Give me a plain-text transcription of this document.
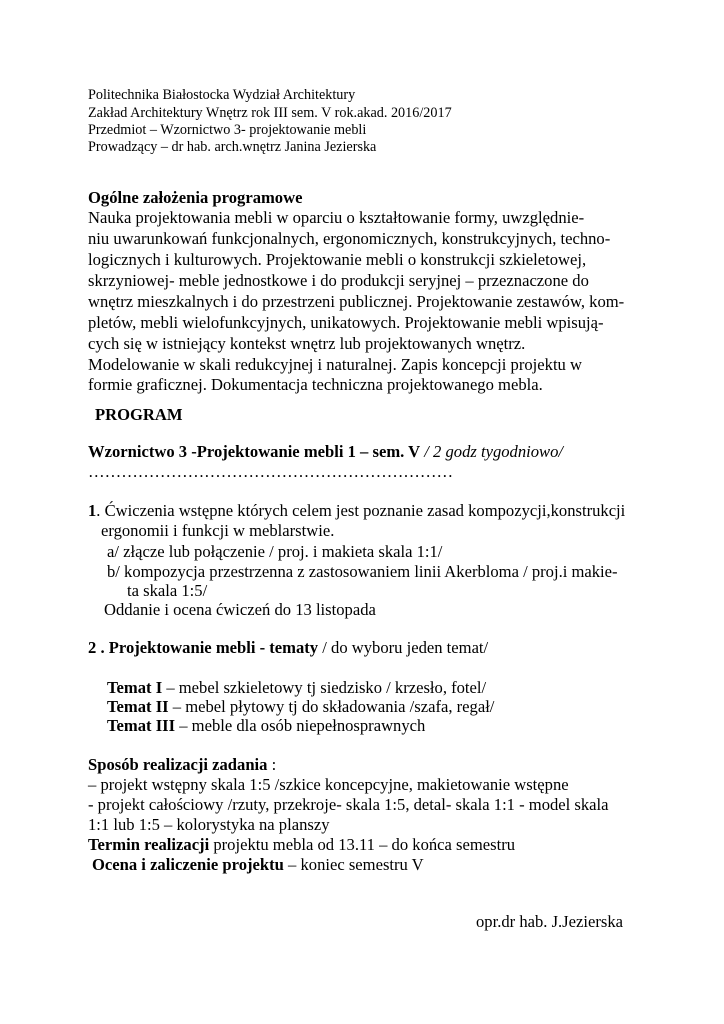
Politechnika Białostocka Wydział Architektury
Zakład Architektury Wnętrz rok III sem. V rok.akad. 2016/2017
Przedmiot – Wzornictwo 3- projektowanie mebli
Prowadzący – dr hab. arch.wnętrz Janina Jezierska
Ogólne założenia programowe
Nauka projektowania mebli w oparciu o kształtowanie formy, uwzględnie-
niu uwarunkowań funkcjonalnych, ergonomicznych, konstrukcyjnych, techno-
logicznych i kulturowych. Projektowanie mebli o konstrukcji szkieletowej,
skrzyniowej- meble jednostkowe i do produkcji seryjnej – przeznaczone do
wnętrz mieszkalnych i do przestrzeni publicznej. Projektowanie zestawów, kom-
pletów, mebli wielofunkcyjnych, unikatowych. Projektowanie mebli wpisują-
cych się w istniejący kontekst wnętrz lub projektowanych wnętrz.
Modelowanie w skali redukcyjnej i naturalnej. Zapis koncepcji projektu w
formie graficznej. Dokumentacja techniczna projektowanego mebla.
PROGRAM
Wzornictwo 3 -Projektowanie mebli 1 – sem. V / 2 godz tygodniowo/
…………………………………………………………
1. Ćwiczenia wstępne których celem jest poznanie zasad kompozycji,konstrukcji
ergonomii i funkcji w meblarstwie.
a/ złącze lub połączenie / proj. i makieta skala 1:1/
b/ kompozycja przestrzenna z zastosowaniem linii Akerbloma / proj.i makie-
ta skala 1:5/
Oddanie i ocena ćwiczeń do 13 listopada
2 . Projektowanie mebli - tematy / do wyboru jeden temat/
Temat I – mebel szkieletowy tj siedzisko / krzesło, fotel/
Temat II – mebel płytowy tj do składowania /szafa, regał/
Temat III – meble dla osób niepełnosprawnych
Sposób realizacji zadania :
– projekt wstępny skala 1:5 /szkice koncepcyjne, makietowanie wstępne
- projekt całościowy /rzuty, przekroje- skala 1:5, detal- skala 1:1 - model skala
1:1 lub 1:5 – kolorystyka na planszy
Termin realizacji projektu mebla od 13.11 – do końca semestru
Ocena i zaliczenie projektu – koniec semestru V
opr.dr hab. J.Jezierska
